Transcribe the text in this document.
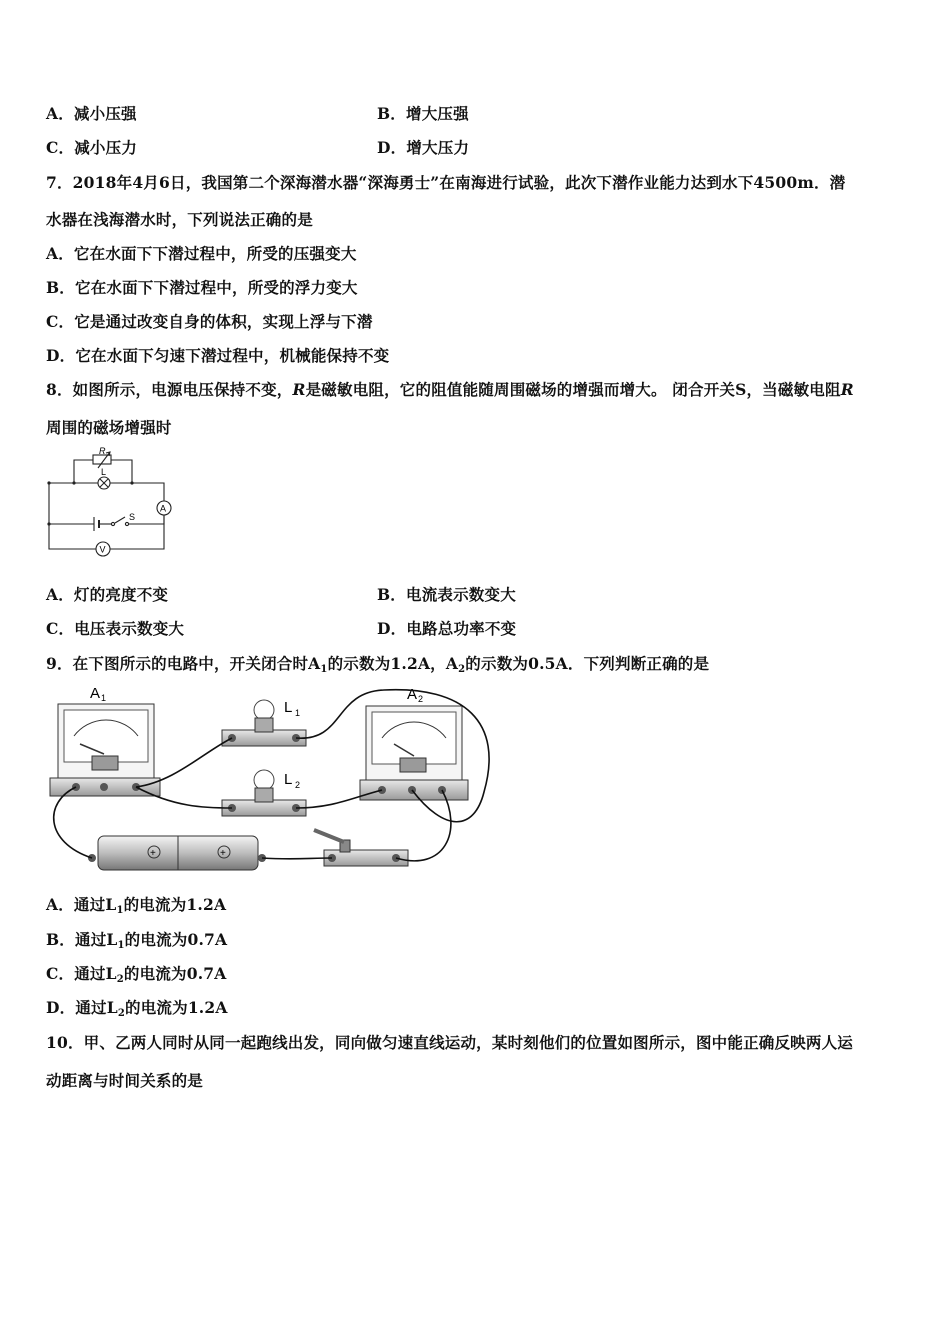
A．减小压强	B．增大压强
C．减小压力	D．增大压力
7．2018年4月6日，我国第二个深海潜水器“深海勇士”在南海进行试验，此次下潜作业能力达到水下4500m．潜
水器在浅海潜水时，下列说法正确的是
A．它在水面下下潜过程中，所受的压强变大
B．它在水面下下潜过程中，所受的浮力变大
C．它是通过改变自身的体积，实现上浮与下潜
D．它在水面下匀速下潜过程中，机械能保持不变
8．如图所示，电源电压保持不变，R是磁敏电阻，它的阻值能随周围磁场的增强而增大。 闭合开关S，当磁敏电阻R
周围的磁场增强时
R
L
S
A
V
A．灯的亮度不变	B．电流表示数变大
C．电压表示数变大	D．电路总功率不变
9．在下图所示的电路中，开关闭合时$A_1$的示数为1.2A，$A_2$的示数为0.5A．下列判断正确的是
A 1	A 2
L 1
L 2
+	+
A．通过$L_1$的电流为1.2A
B．通过$L_1$的电流为0.7A
C．通过$L_2$的电流为0.7A
D．通过$L_2$的电流为1.2A
10．甲、乙两人同时从同一起跑线出发，同向做匀速直线运动，某时刻他们的位置如图所示，图中能正确反映两人运
动距离与时间关系的是
